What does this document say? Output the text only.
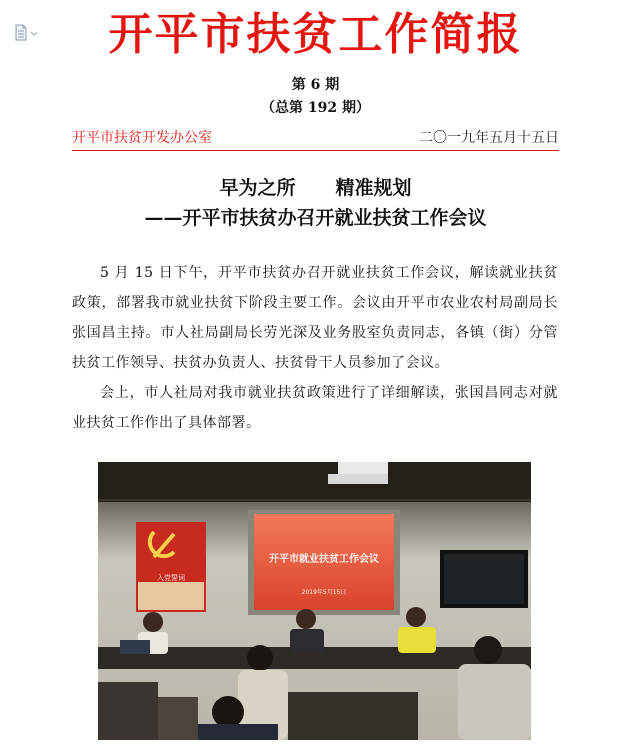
开平市扶贫工作简报
第 6 期
（总第 192 期）
开平市扶贫开发办公室	二〇一九年五月十五日
早为之所 精准规划
——开平市扶贫办召开就业扶贫工作会议

5 月 15 日下午，开平市扶贫办召开就业扶贫工作会议，解读就业扶贫政策，部署我市就业扶贫下阶段主要工作。会议由开平市农业农村局副局长张国昌主持。市人社局副局长劳光深及业务股室负责同志，各镇（街）分管扶贫工作领导、扶贫办负责人、扶贫骨干人员参加了会议。

会上，市人社局对我市就业扶贫政策进行了详细解读，张国昌同志对就业扶贫工作作出了具体部署。

入党誓词
开平市就业扶贫工作会议
2019年5月15日
